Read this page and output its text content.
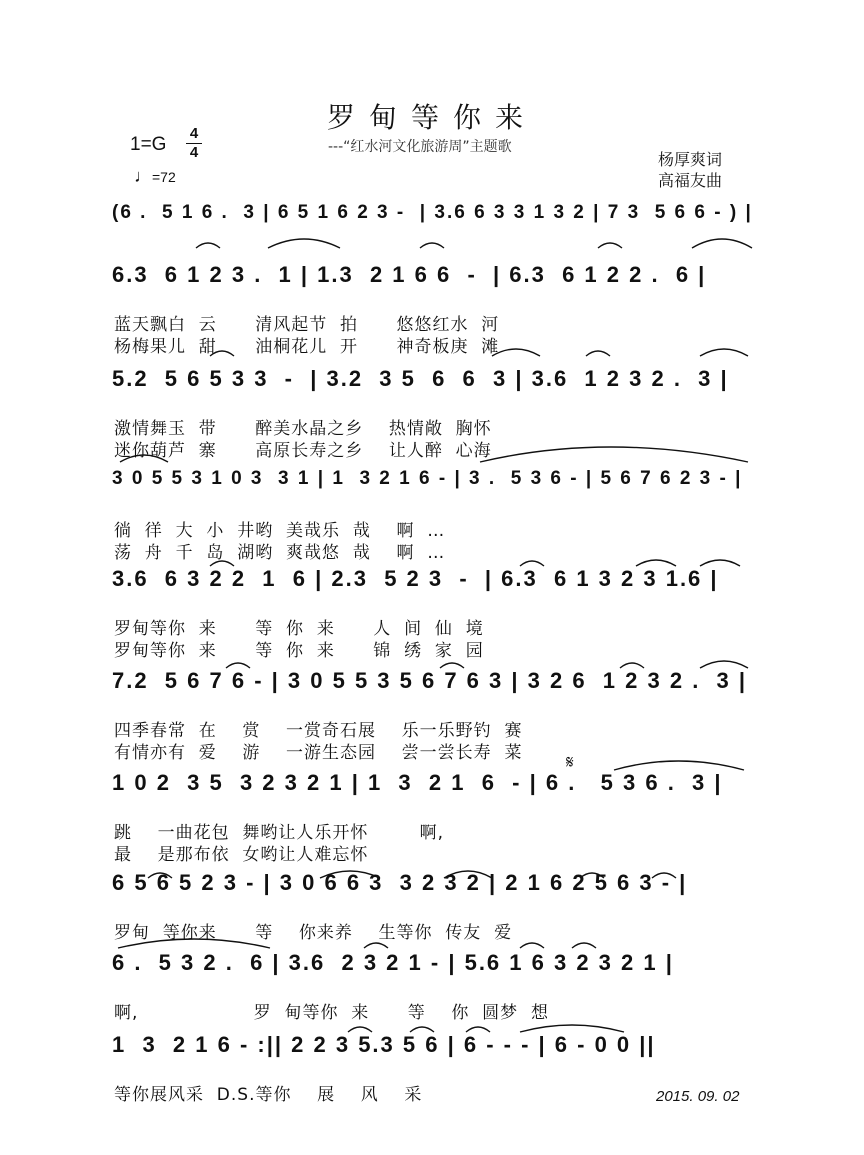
罗甸等你来
---“红水河文化旅游周”主题歌
1=G
4
4
♩=72
杨厚爽词
高福友曲
(6 .  5 1 6 .  3 | 6 5 1 6 2 3 -  | 3.6 6 3 3 1 3 2 | 7 3  5 6 6 - ) |
6.3  6 1 2 3 .  1 | 1.3  2 1 6 6  -  | 6.3  6 1 2 2 .  6 |
蓝天飘白  云      清风起节  拍      悠悠红水  河
杨梅果儿  甜      油桐花儿  开      神奇板庚  滩
5.2  5 6 5 3 3  -  | 3.2  3 5  6  6  3 | 3.6  1 2 3 2 .  3 |
激情舞玉  带      醉美水晶之乡    热情敞  胸怀
迷你葫芦  寨      高原长寿之乡    让人醉  心海
3 0 5 5 3 1 0 3  3 1 | 1  3 2 1 6 - | 3 .  5 3 6 - | 5 6 7 6 2 3 - |
徜  徉  大  小  井哟  美哉乐  哉    啊  …
荡  舟  千  岛  湖哟  爽哉悠  哉    啊  …
3.6  6 3 2 2  1  6 | 2.3  5 2 3  -  | 6.3  6 1 3 2 3 1.6 |
罗甸等你  来      等  你  来      人  间  仙  境
罗甸等你  来      等  你  来      锦  绣  家  园
7.2  5 6 7 6 - | 3 0 5 5 3 5 6 7 6 3 | 3 2 6  1 2 3 2 .  3 |
四季春常  在    赏    一赏奇石展    乐一乐野钓  赛
有情亦有  爱    游    一游生态园    尝一尝长寿  菜
1 0 2  3 5  3 2 3 2 1 | 1  3  2 1  6  - | 6 .   5 3 6 .  3 |
跳    一曲花包  舞哟让人乐开怀        啊,
最    是那布依  女哟让人难忘怀
6 5 6 5 2 3 - | 3 0 6 6 3  3 2 3 2 | 2 1 6 2 5 6 3 - |
罗甸  等你来      等    你来养    生等你  传友  爱
6 .  5 3 2 .  6 | 3.6  2 3 2 1 - | 5.6 1 6 3 2 3 2 1 |
啊,                  罗  甸等你  来      等    你  圆梦  想
1  3  2 1 6 - :|| 2 2 3 5.3 5 6 | 6 - - - | 6 - 0 0 ||
等你展风采  D.S.等你    展    风    采	2015. 09. 02
𝄋
